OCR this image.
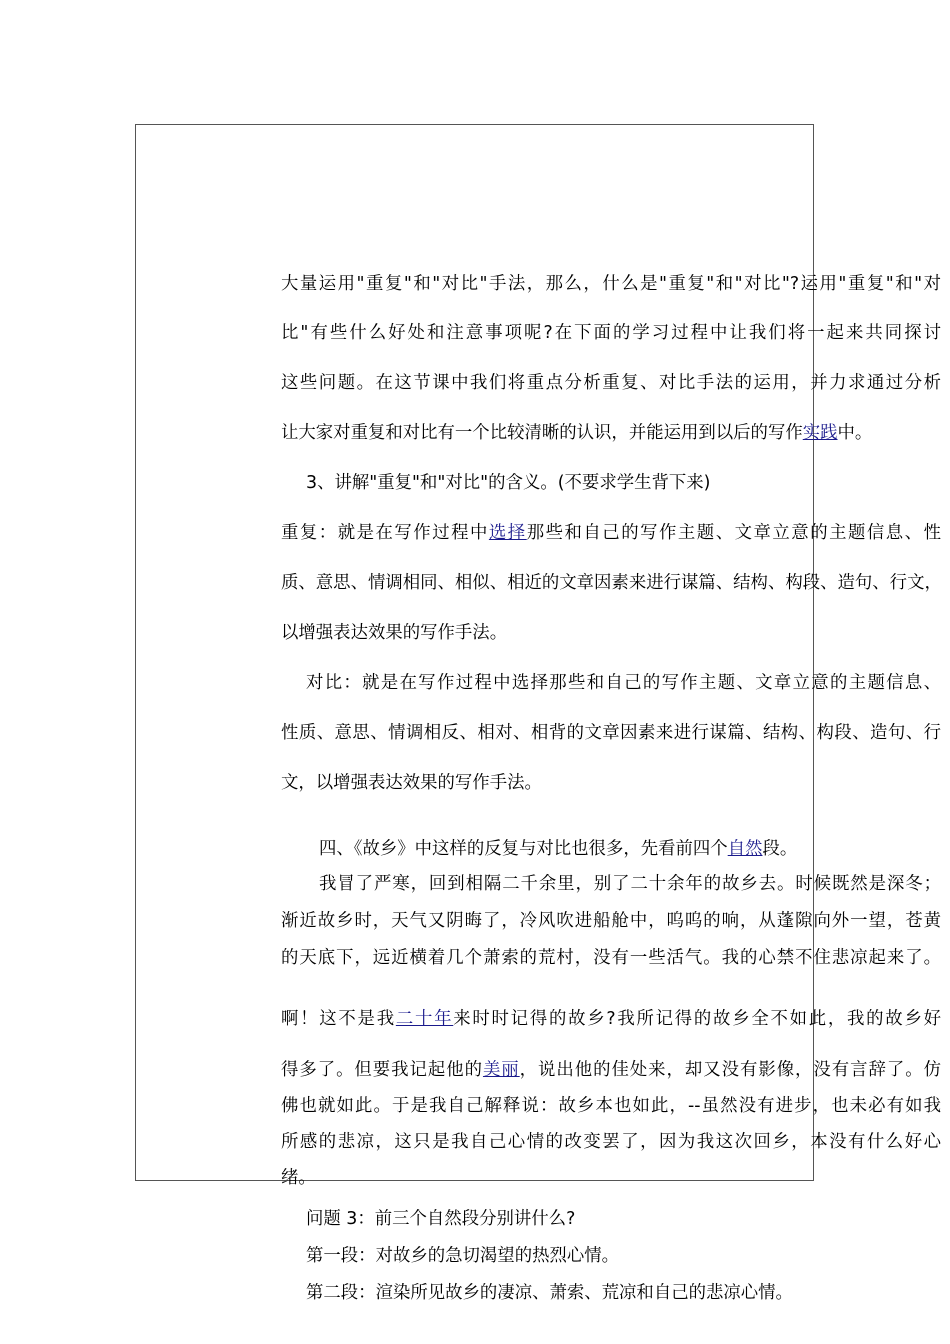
大量运用"重复"和"对比"手法，那么，什么是"重复"和"对比"?运用"重复"和"对
比"有些什么好处和注意事项呢?在下面的学习过程中让我们将一起来共同探讨
这些问题。在这节课中我们将重点分析重复、对比手法的运用，并力求通过分析
让大家对重复和对比有一个比较清晰的认识，并能运用到以后的写作实践中。
3、讲解"重复"和"对比"的含义。(不要求学生背下来)
重复：就是在写作过程中选择那些和自己的写作主题、文章立意的主题信息、性
质、意思、情调相同、相似、相近的文章因素来进行谋篇、结构、构段、造句、行文，
以增强表达效果的写作手法。
对比：就是在写作过程中选择那些和自己的写作主题、文章立意的主题信息、
性质、意思、情调相反、相对、相背的文章因素来进行谋篇、结构、构段、造句、行
文，以增强表达效果的写作手法。
四、《故乡》中这样的反复与对比也很多，先看前四个自然段。
我冒了严寒，回到相隔二千余里，别了二十余年的故乡去。时候既然是深冬；
渐近故乡时，天气又阴晦了，冷风吹进船舱中，呜呜的响，从蓬隙向外一望，苍黄
的天底下，远近横着几个萧索的荒村，没有一些活气。我的心禁不住悲凉起来了。
啊！这不是我二十年来时时记得的故乡?我所记得的故乡全不如此，我的故乡好
得多了。但要我记起他的美丽，说出他的佳处来，却又没有影像，没有言辞了。仿
佛也就如此。于是我自己解释说：故乡本也如此，--虽然没有进步，也未必有如我
所感的悲凉，这只是我自己心情的改变罢了，因为我这次回乡，本没有什么好心
绪。
问题 3：前三个自然段分别讲什么?
第一段：对故乡的急切渴望的热烈心情。
第二段：渲染所见故乡的凄凉、萧索、荒凉和自己的悲凉心情。
